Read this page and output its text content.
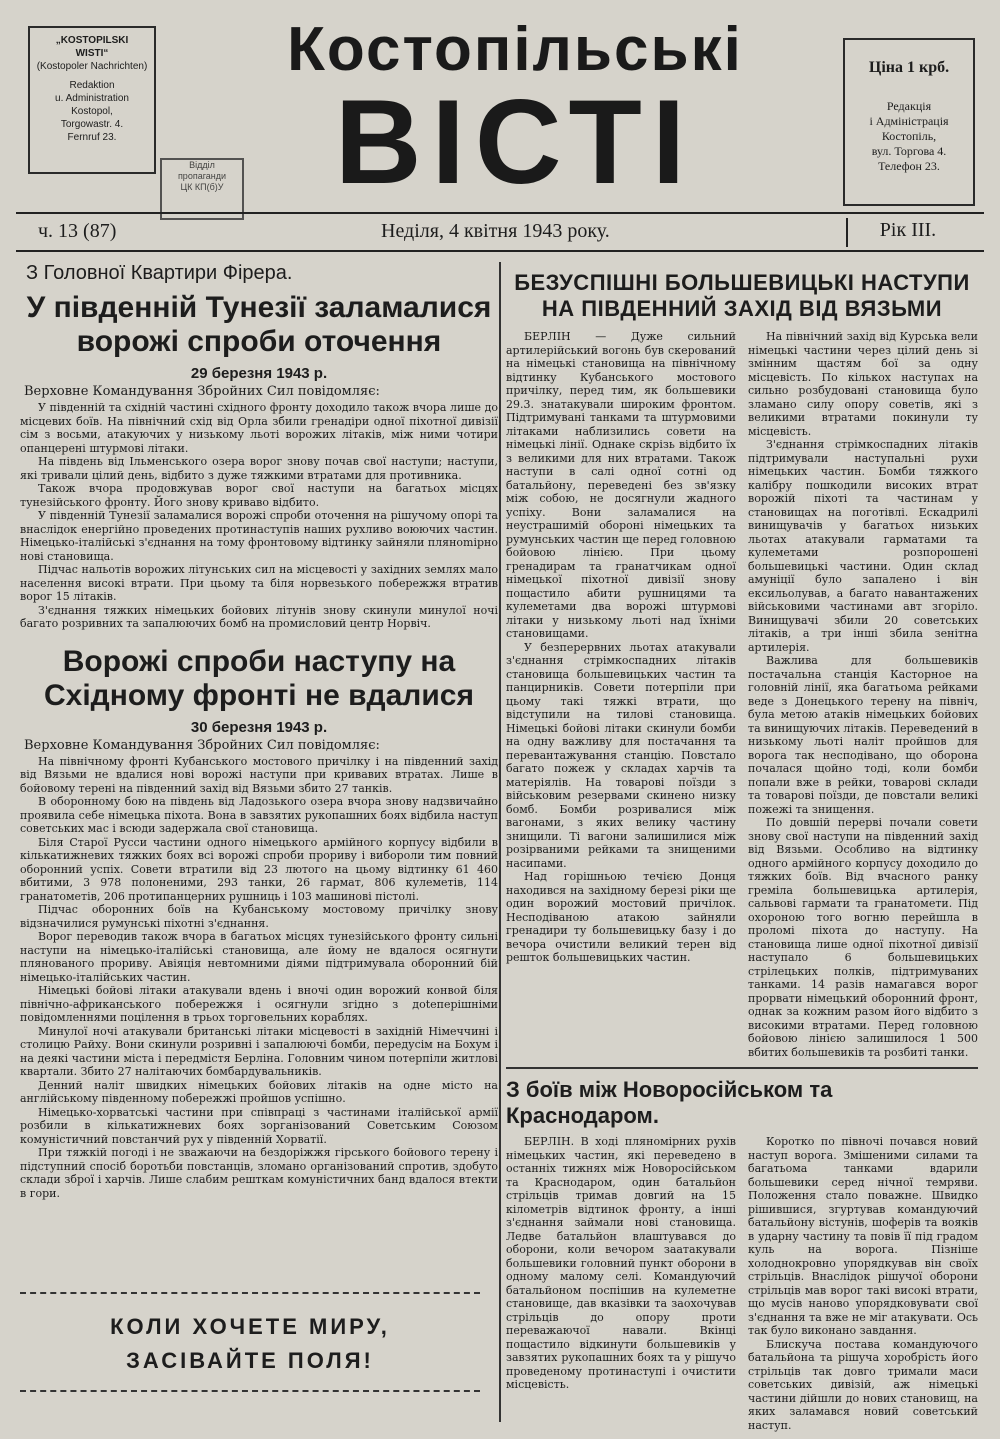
„KOSTOPILSKI
WISTI“
(Kostopoler Nachrichten)
Redaktion
u. Administration
Kostopol,
Torgowastr. 4.
Fernruf 23.
Костопільські
ВІСТІ
Відділ
пропаганди
ЦК КП(б)У
Ціна 1 крб.
Редакція
і Адміністрація
Костопіль,
вул. Торгова 4.
Телефон 23.
ч. 13 (87)	Неділя, 4 квітня 1943 року.	Рік III.
З Головної Квартири Фірера.
У південній Тунезії заламалися ворожі спроби оточення
29 березня 1943 р.
Верховне Командування Збройних Сил повідомляє:

У південній та східній частині східного фронту доходило також вчора лише до місцевих боїв. На північний схід від Орла збили гренадіри одної піхотної дивізії сім з восьми, атакуючих у низькому льоті ворожих літаків, між ними чотири опанцерені штурмові літаки.

На південь від Ільменського озера ворог знову почав свої наступи; наступи, які тривали цілий день, відбито з дуже тяжкими втратами для противника.

Також вчора продовжував ворог свої наступи на багатьох місцях тунезійського фронту. Його знову криваво відбито.

У південній Тунезії заламалися ворожі спроби оточення на рішучому опорі та внаслідок енергійно проведених протинаступів наших рухливо воюючих частин. Німецько-італійські з'єднання на тому фронтовому відтинку зайняли плянomірно нові становища.

Підчас нальотів ворожих літунських сил на місцевості у західних землях мало населення високі втрати. При цьому та біля норвезького побережжя втратив ворог 15 літаків.

З'єднання тяжких німецьких бойових літунів знову скинули минулої ночі багато розривних та запалюючих бомб на промисловий центр Норвіч.

Ворожі спроби наступу на Східному фронті не вдалися
30 березня 1943 р.
Верховне Командування Збройних Сил повідомляє:

На північному фронті Кубанського мостового причілку і на південний захід від Вязьми не вдалися нові ворожі наступи при кривавих втратах. Лише в бойовому терені на південний захід від Вязьми збито 27 танків.

В оборонному бою на південь від Ладозького озера вчора знову надзвичайно проявила себе німецька піхота. Вона в завзятих рукопашних боях відбила наступ советських мас і всюди задержала свої становища.

Біля Старої Русси частини одного німецького армійного корпусу відбили в кількатижневих тяжких боях всі ворожі спроби прориву і виборoли тим повний оборонний успіх. Совети втратили від 23 лютого на цьому відтинку 61 460 вбитими, 3 978 полоненими, 293 танки, 26 гармат, 806 кулеметів, 114 гранатометів, 206 протипанцерних рушниць і 103 машинові пістолі.

Підчас оборонних боїв на Кубанському мостовому причілку знову відзначилися румунські піхотні з'єднання.

Ворог переводив також вчора в багатьох місцях тунезійського фронту сильні наступи на німецько-італійські становища, але йому не вдалося осягнути плянованого прориву. Авіяція невтомними діями підтримувала оборонний бій німецько-італійських частин.

Німецькі бойові літаки атакували вдень і вночі один ворожий конвой біля північно-африканського побережжя і осягнули згідно з доteперішніми повідомленнями поцілення в трьох торговельних кораблях.

Минулої ночі атакували британські літаки місцевості в західній Німеччині і столицю Райху. Вони скинули розривні і запалюючі бомби, передусім на Бохум і на деякі частини міста і передмістя Берліна. Головним чином потерпіли житлові квартали. Збито 27 налітаючих бомбардувальників.

Денний наліт швидких німецьких бойових літаків на одне місто на англійському південному побережжі пройшов успішно.

Німецько-хорватські частини при співпраці з частинами італійської армії розбили в кількатижневих боях зорганізований Советським Союзом комуністичний повстанчий рух у південній Хорватії.

При тяжкій погоді і не зважаючи на бездоріжжя гірського бойового терену і підступний спосіб боротьби повстанців, зломано організований спротив, здобуто склади зброї і харчів. Лише слабим решткам комуністичних банд вдалося втекти в гори.

КОЛИ ХОЧЕТЕ МИРУ,
ЗАСІВАЙТЕ ПОЛЯ!
БЕЗУСПІШНІ БОЛЬШЕВИЦЬКІ НАСТУПИ НА ПІВДЕННИЙ ЗАХІД ВІД ВЯЗЬМИ

БЕРЛІН — Дуже сильний артилерійський вогонь був скерований на німецькі становища на північному відтинку Кубанського мостового причілку, перед тим, як большевики 29.3. знатакували широким фронтом. Підтримувані танками та штурмовими літаками наблизились совети на німецькі лінії. Однаке скрізь відбито їх з великими для них втратами. Також наступи в салі одної сотні од батальйону, переведені без зв'язку між собою, не досягнули жадного успіху. Вони заламалися на неустрашимій обороні німецьких та румунських частин ще перед головною бойовою лінією. При цьому гренадирам та гранатчикам одної німецької піхотної дивізії знову пощастило абити рушницями та кулеметами два ворожі штурмові літаки у низькому льоті над їхніми становищами.

У безперервних льотах атакували з'єднання стрімкоспадних літаків становища большевицьких частин та панцирників. Совети потерпіли при цьому такі тяжкі втрати, що відступили на тилові становища. Німецькі бойові літаки скинули бомби на одну важливу для постачання та перевантажування станцію. Повстало багато пожеж у складах харчів та матеріялів. На товарові поїзди з військовим резервами скинено низку бомб. Бомби розривалися між вагонами, з яких велику частину знищили. Ті вагони залишилися між розірваними рейками та знищеними насипами.

Над горішньою течією Донця находився на західному березі ріки ще один ворожий мостовий причілок. Несподіваною атакою зайняли гренадири ту большевицьку базу і до вечора очистили великий терен від решток большевицьких частин.

На північний захід від Курська вели німецькі частини через цілий день зі змінним щастям бої за одну місцевість. По кількох наступах на сильно розбудовані становища було зламано силу опору советів, які з великими втратами покинули ту місцевість.

З'єднання стрімкоспадних літаків підтримували наступальні рухи німецьких частин. Бомби тяжкого калібру пошкодили високих втрат ворожій піхоті та частинам у становищах на поготівлі. Ескадрилі винищувачів у багатьох низьких льотах атакували гарматами та кулеметами розпорошені большевицькі частини. Один склад амуніції було запалено і він ексильолував, а багато навантажених військовими частинами авт згоріло. Винищувачі збили 20 советських літаків, а три інші збила зенітна артилерія.

Важлива для большевиків постачальна станція Касторное на головній лінії, яка багатьома рейками веде з Донецького терену на північ, була метою атаків німецьких бойових та винищуючих літаків. Переведений в низькому льоті наліт пройшов для ворога так несподівано, що оборона почалася щойно тоді, коли бомби попали вже в рейки, товарові склади та товарові поїзди, де повстали великі пожежі та знищення.

По довшій перерві почали совети знову свої наступи на південний захід від Вязьми. Особливо на відтинку одного армійного корпусу доходило до тяжких боїв. Від вчасного ранку греміла большевицька артилерія, сальвові гармати та гранатомети. Під охороною того вогню перейшла в проломі піхота до наступу. На становища лише одної піхотної дивізії наступало 6 большевицьких стрілецьких полків, підтримуваних танками. 14 разів намагався ворог прорвати німецький оборонний фронт, однак за кожним разом його відбито з високими втратами. Перед головною бойовою лінією залишилося 1 500 вбитих большевиків та розбиті танки.

З боїв між Новоросійськом та Краснодаром.

БЕРЛІН. В ході плянoмірних рухів німецьких частин, які переведено в останніх тижнях між Новоросійськом та Краснодаром, один батальйон стрільців тримав довгий на 15 кілометрів відтинок фронту, а інші з'єднання займали нові становища. Ледве батальйон влаштувався до оборони, коли вечором заатакували большевики головний пункт оборони в одному малому селі. Командуючий батальйоном поспішив на кулеметне становище, дав вказівки та заохочував стрільців до опору проти переважаючої навали. Вкінці пощастило відкинути большевиків у завзятих рукопашних боях та у рішучо проведеному протинаступі і очистити місцевість.

Коротко по півночі почався новий наступ ворога. Змішеними силами та багатьома танками вдарили большевики серед нічної темряви. Положення стало поважне. Швидко рішившися, згуртував командуючий батальйону вістунів, шоферів та вояків в ударну частину та повів її під градом куль на ворога. Пізніше холоднокровно упорядкував він своїх стрільців. Внаслідок рішучої оборони стрільців мав ворог такі високі втрати, що мусів наново упорядковувати свої з'єднання та вже не міг атакувати. Ось так було виконано завдання.

Блискуча постава командуючого батальйона та рішуча хоробрість його стрільців так довго тримали маси советських дивізій, аж німецькі частини дійшли до нових становищ, на яких заламався новий советський наступ.
